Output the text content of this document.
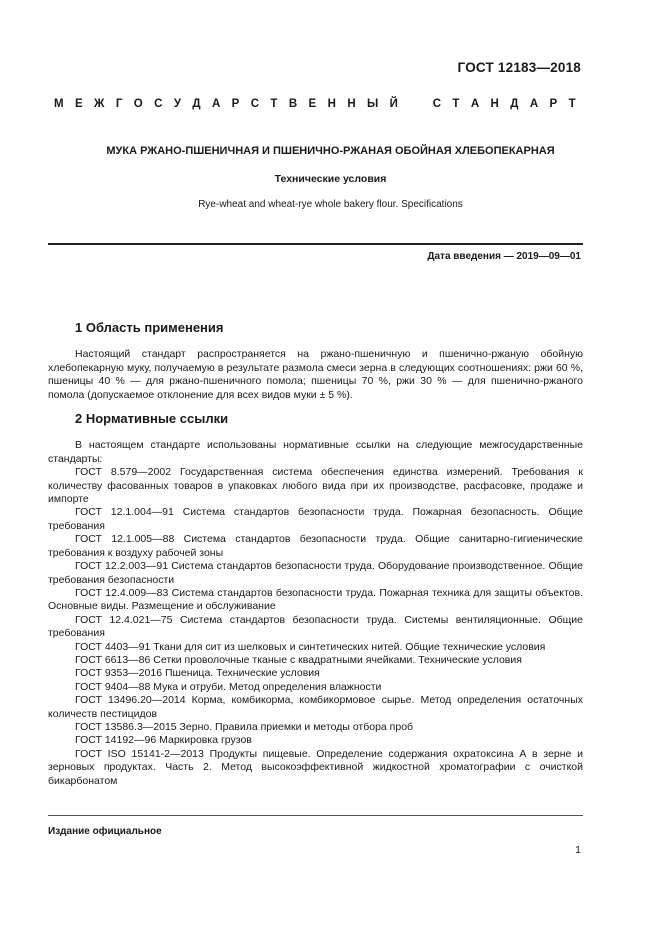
ГОСТ 12183—2018
М Е Ж Г О С У Д А Р С Т В Е Н Н Ы Й	С Т А Н Д А Р Т
МУКА РЖАНО-ПШЕНИЧНАЯ И ПШЕНИЧНО-РЖАНАЯ ОБОЙНАЯ ХЛЕБОПЕКАРНАЯ
Технические условия
Rye-wheat and wheat-rye whole bakery flour. Specifications
Дата введения — 2019—09—01
1 Область применения

Настоящий стандарт распространяется на ржано-пшеничную и пшенично-ржаную обойную хлебопекарную муку, получаемую в результате размола смеси зерна в следующих соотношениях: ржи 60 %, пшеницы 40 % — для ржано-пшеничного помола; пшеницы 70 %, ржи 30 % — для пшенично-ржаного помола (допускаемое отклонение для всех видов муки ± 5 %).

2 Нормативные ссылки

В настоящем стандарте использованы нормативные ссылки на следующие межгосударственные стандарты:

ГОСТ 8.579—2002 Государственная система обеспечения единства измерений. Требования к количеству фасованных товаров в упаковках любого вида при их производстве, расфасовке, продаже и импорте

ГОСТ 12.1.004—91 Система стандартов безопасности труда. Пожарная безопасность. Общие требования

ГОСТ 12.1.005—88 Система стандартов безопасности труда. Общие санитарно-гигиенические требования к воздуху рабочей зоны

ГОСТ 12.2.003—91 Система стандартов безопасности труда. Оборудование производственное. Общие требования безопасности

ГОСТ 12.4.009—83 Система стандартов безопасности труда. Пожарная техника для защиты объектов. Основные виды. Размещение и обслуживание

ГОСТ 12.4.021—75 Система стандартов безопасности труда. Системы вентиляционные. Общие требования

ГОСТ 4403—91 Ткани для сит из шелковых и синтетических нитей. Общие технические условия

ГОСТ 6613—86 Сетки проволочные тканые с квадратными ячейками. Технические условия

ГОСТ 9353—2016 Пшеница. Технические условия

ГОСТ 9404—88 Мука и отруби. Метод определения влажности

ГОСТ 13496.20—2014 Корма, комбикорма, комбикормовое сырье. Метод определения остаточных количеств пестицидов

ГОСТ 13586.3—2015 Зерно. Правила приемки и методы отбора проб

ГОСТ 14192—96 Маркировка грузов

ГОСТ ISO 15141-2—2013 Продукты пищевые. Определение содержания охратоксина А в зерне и зерновых продуктах. Часть 2. Метод высокоэффективной жидкостной хроматографии с очисткой бикарбонатом

Издание официальное
1
